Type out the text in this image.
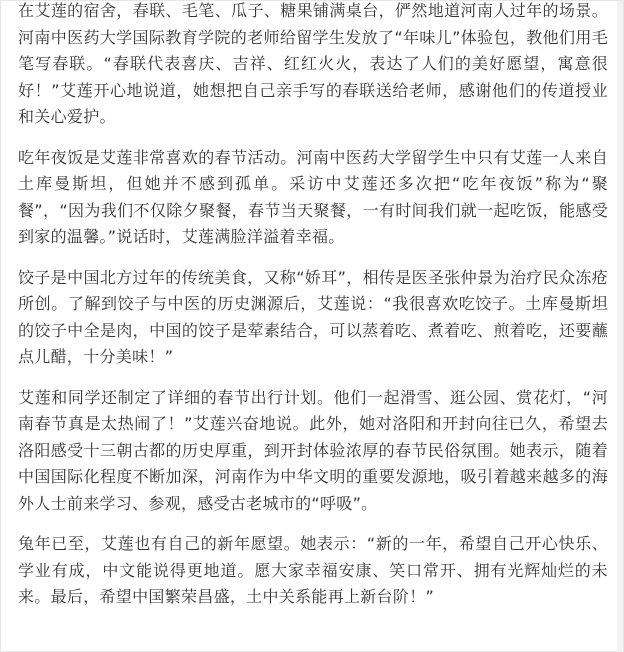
在艾莲的宿舍，春联、毛笔、瓜子、糖果铺满桌台，俨然地道河南人过年的场景。河南中医药大学国际教育学院的老师给留学生发放了“年味儿”体验包，教他们用毛笔写春联。“春联代表喜庆、吉祥、红红火火，表达了人们的美好愿望，寓意很好！”艾莲开心地说道，她想把自己亲手写的春联送给老师，感谢他们的传道授业和关心爱护。

吃年夜饭是艾莲非常喜欢的春节活动。河南中医药大学留学生中只有艾莲一人来自土库曼斯坦，但她并不感到孤单。采访中艾莲还多次把“吃年夜饭”称为“聚餐”，“因为我们不仅除夕聚餐，春节当天聚餐，一有时间我们就一起吃饭，能感受到家的温馨。”说话时，艾莲满脸洋溢着幸福。

饺子是中国北方过年的传统美食，又称“娇耳”，相传是医圣张仲景为治疗民众冻疮所创。了解到饺子与中医的历史渊源后，艾莲说：“我很喜欢吃饺子。土库曼斯坦的饺子中全是肉，中国的饺子是荤素结合，可以蒸着吃、煮着吃、煎着吃，还要蘸点儿醋，十分美味！”

艾莲和同学还制定了详细的春节出行计划。他们一起滑雪、逛公园、赏花灯，“河南春节真是太热闹了！”艾莲兴奋地说。此外，她对洛阳和开封向往已久，希望去洛阳感受十三朝古都的历史厚重，到开封体验浓厚的春节民俗氛围。她表示，随着中国国际化程度不断加深，河南作为中华文明的重要发源地，吸引着越来越多的海外人士前来学习、参观，感受古老城市的“呼吸”。

兔年已至，艾莲也有自己的新年愿望。她表示：“新的一年，希望自己开心快乐、学业有成，中文能说得更地道。愿大家幸福安康、笑口常开、拥有光辉灿烂的未来。最后，希望中国繁荣昌盛，土中关系能再上新台阶！”
